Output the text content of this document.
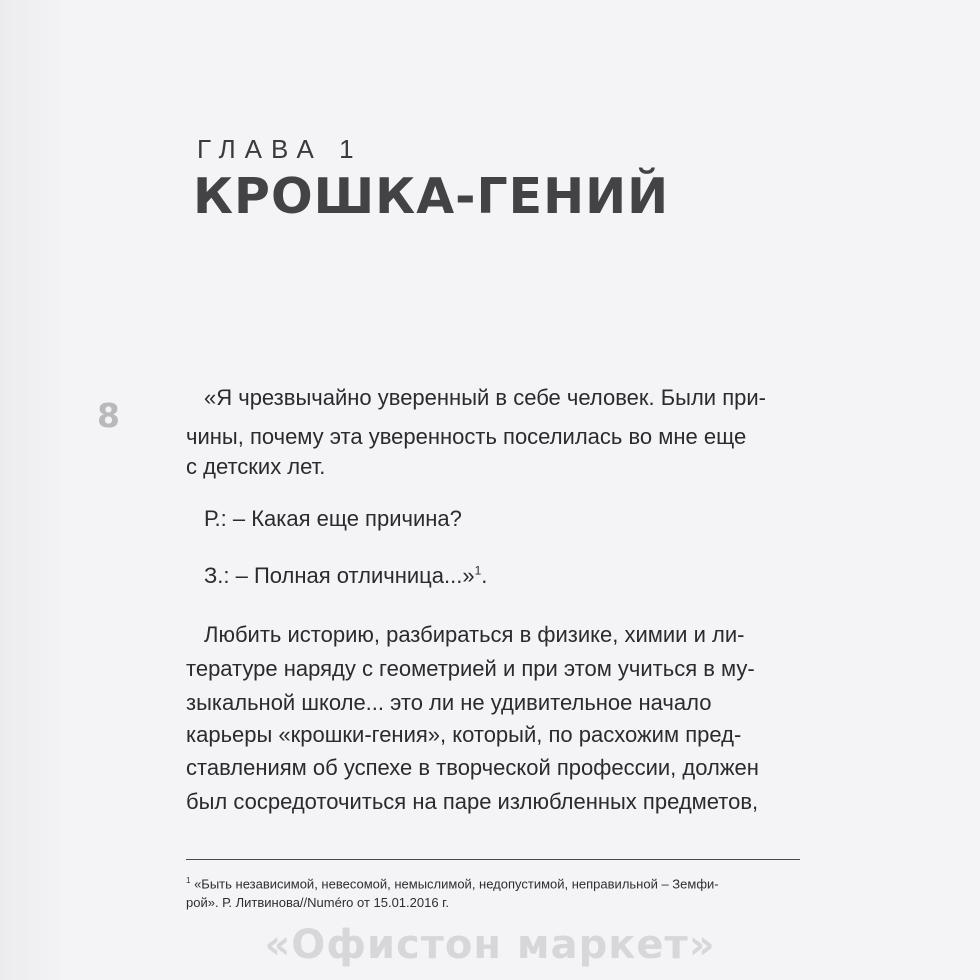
ГЛАВА 1
КРОШКА-ГЕНИЙ
8	«Я чрезвычайно уверенный в себе человек. Были при-
чины, почему эта уверенность поселилась во мне еще
с детских лет.
Р.: – Какая еще причина?
З.: – Полная отличница...»$^1$.
Любить историю, разбираться в физике, химии и ли-
тературе наряду с геометрией и при этом учиться в му-
зыкальной школе... это ли не удивительное начало
карьеры «крошки-гения», который, по расхожим пред-
ставлениям об успехе в творческой профессии, должен
был сосредоточиться на паре излюбленных предметов,
$^1$ «Быть независимой, невесомой, немыслимой, недопустимой, неправильной – Земфи-
рой». Р. Литвинова//Numéro от 15.01.2016 г.
«Офистон маркет»
